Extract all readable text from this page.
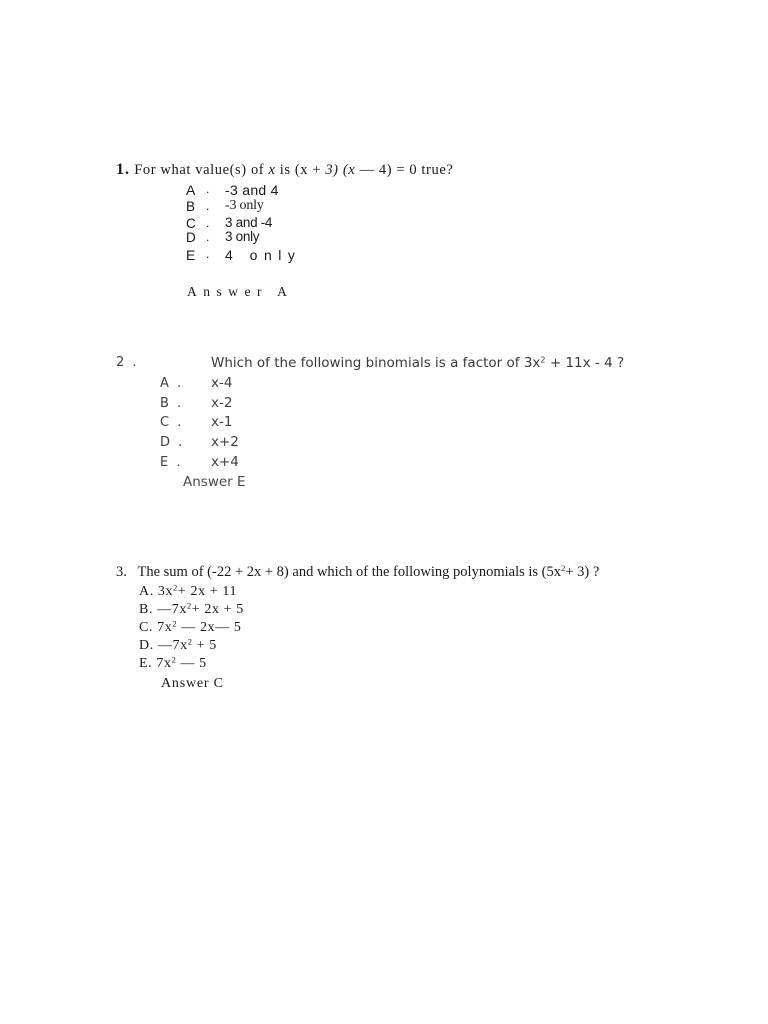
1. For what value(s) of x is (x + 3) (x — 4) = 0 true?
A . -3 and 4
B . -3 only
C . 3 and -4
D . 3 only
E . 4 only
Answer A
2 .	Which of the following binomials is a factor of $3x^2 + 11x - 4$ ?
A . x-4
B . x-2
C . x-1
D . x+2
E . x+4
Answer E
3. The sum of (-22 + 2x + 8) and which of the following polynomials is $(5x^2+ 3)$ ?
A. $3x^2+ 2x + 11$
B. $—7x^2+ 2x + 5$
C. $7x^2$ — 2x— 5
D. $—7x^2 + 5$
E. $7x^2$ — 5
Answer C
